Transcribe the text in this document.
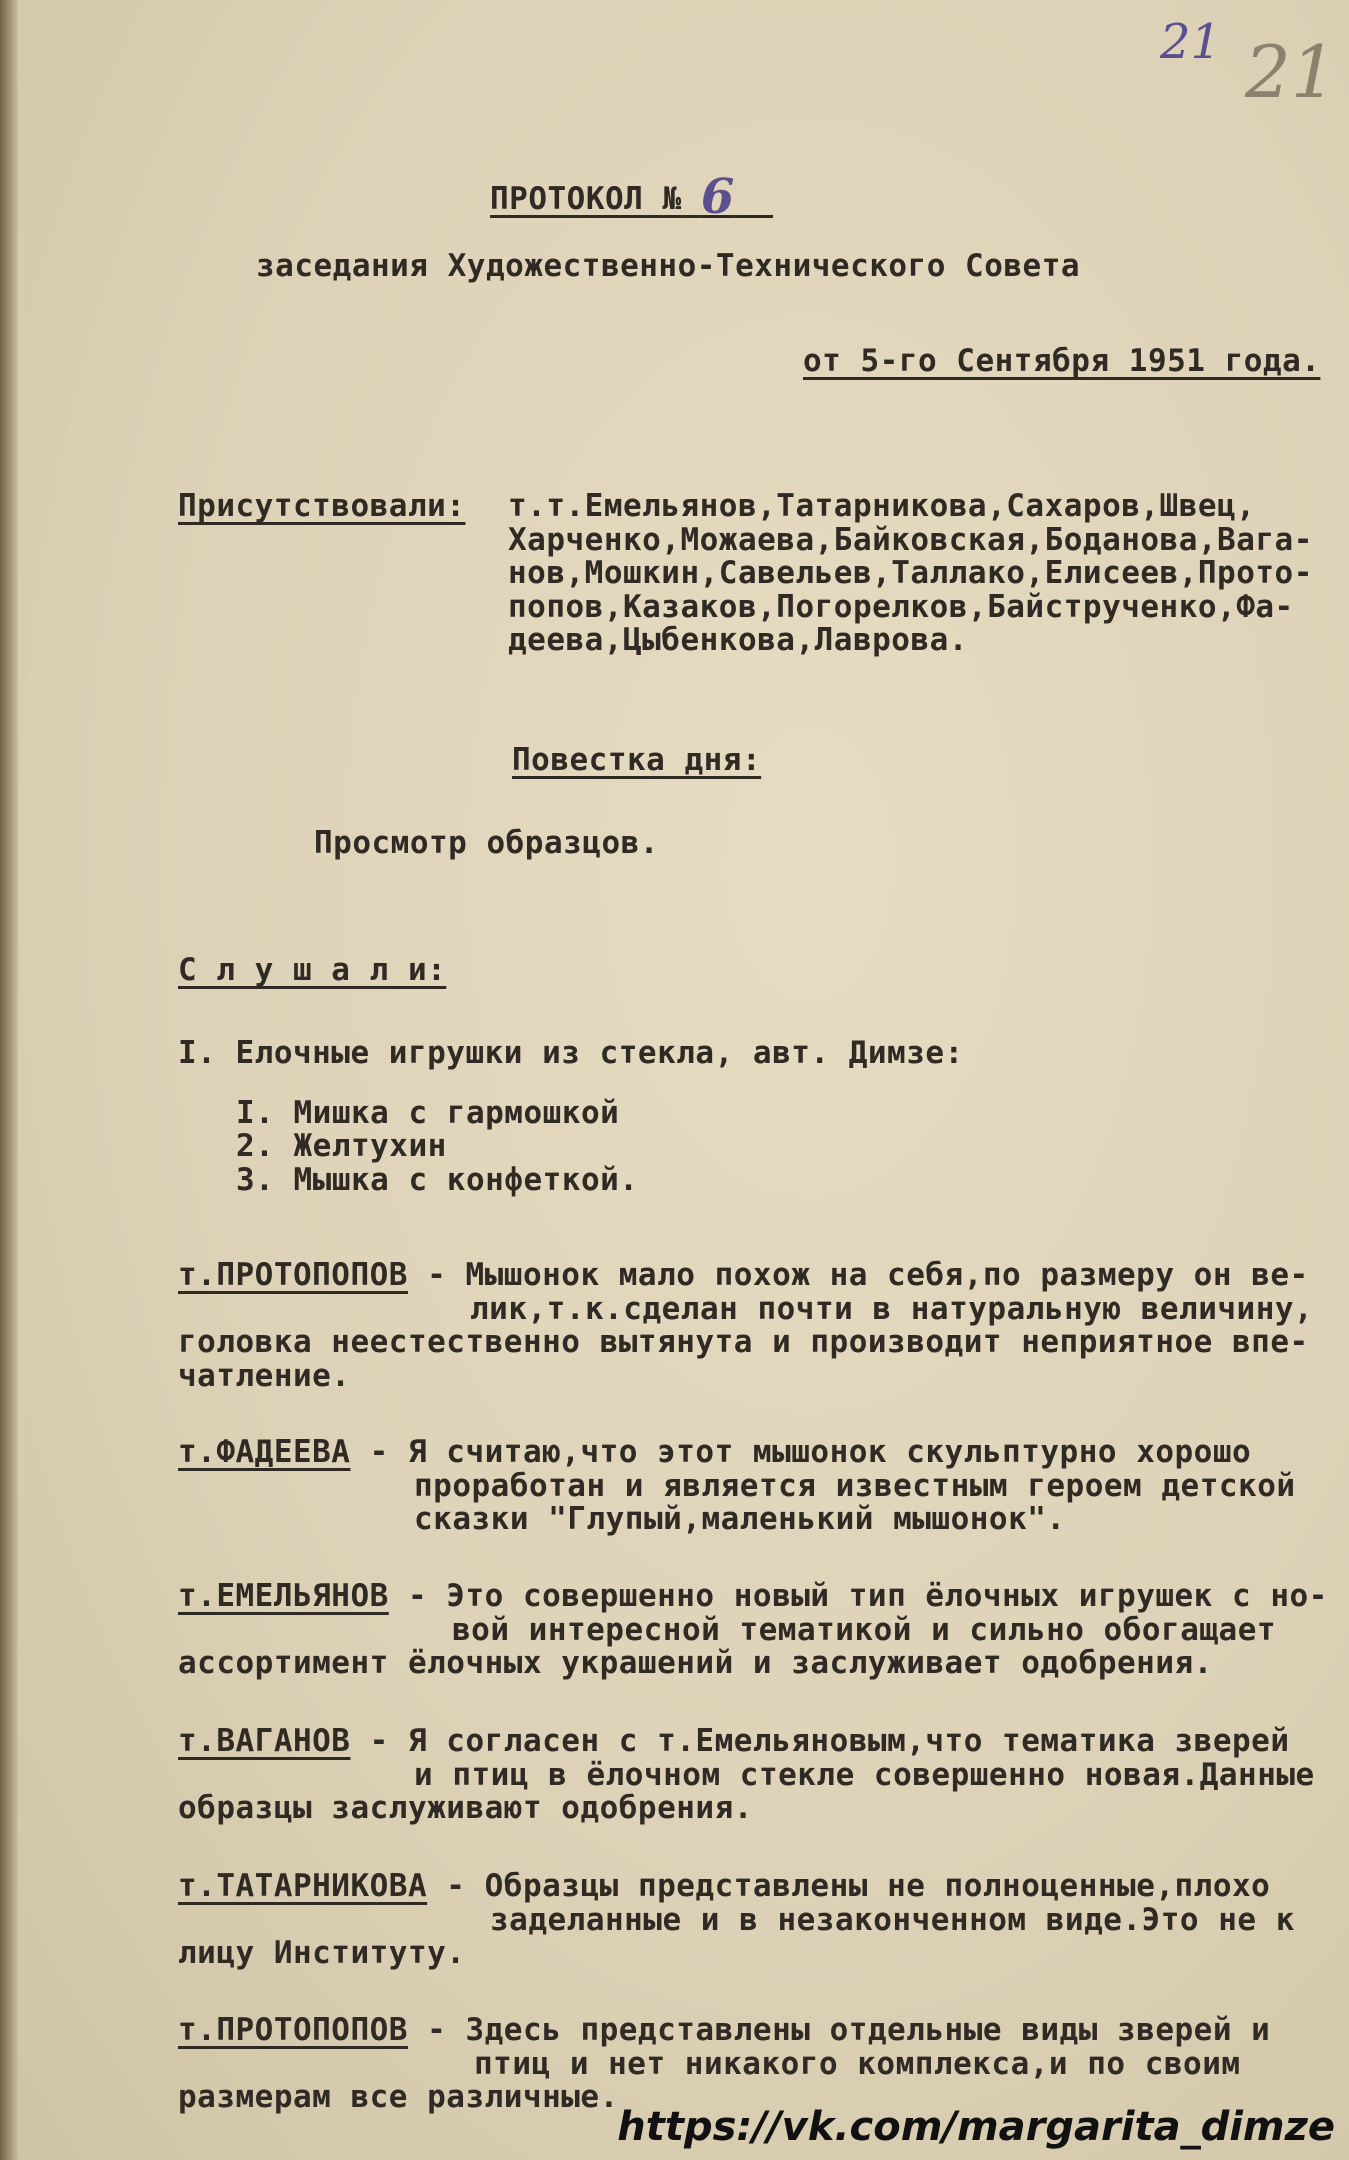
21 21
ПРОТОКОЛ № 6
заседания Художественно-Технического Совета
от 5-го Сентября 1951 года.
Присутствовали: т.т.Емельянов,Татарникова,Сахаров,Швец,
Харченко,Можаева,Байковская,Боданова,Вага-
нов,Мошкин,Савельев,Таллако,Елисеев,Прото-
попов,Казаков,Погорелков,Байструченко,Фа-
деева,Цыбенкова,Лаврова.
Повестка дня:
Просмотр образцов.
С л у ш а л и:
I. Елочные игрушки из стекла, авт. Димзе:
I. Мишка с гармошкой
2. Желтухин
3. Мышка с конфеткой.
т.ПРОТОПОПОВ - Мышонок мало похож на себя,по размеру он ве-
лик,т.к.сделан почти в натуральную величину,
головка неестественно вытянута и производит неприятное впе-
чатление.
т.ФАДЕЕВА - Я считаю,что этот мышонок скульптурно хорошо
проработан и является известным героем детской
сказки "Глупый,маленький мышонок".
т.ЕМЕЛЬЯНОВ - Это совершенно новый тип ёлочных игрушек с но-
вой интересной тематикой и сильно обогащает
ассортимент ёлочных украшений и заслуживает одобрения.
т.ВАГАНОВ - Я согласен с т.Емельяновым,что тематика зверей
и птиц в ёлочном стекле совершенно новая.Данные
образцы заслуживают одобрения.
т.ТАТАРНИКОВА - Образцы представлены не полноценные,плохо
заделанные и в незаконченном виде.Это не к
лицу Институту.
т.ПРОТОПОПОВ - Здесь представлены отдельные виды зверей и
птиц и нет никакого комплекса,и по своим
размерам все различные.
https://vk.com/margarita_dimze
